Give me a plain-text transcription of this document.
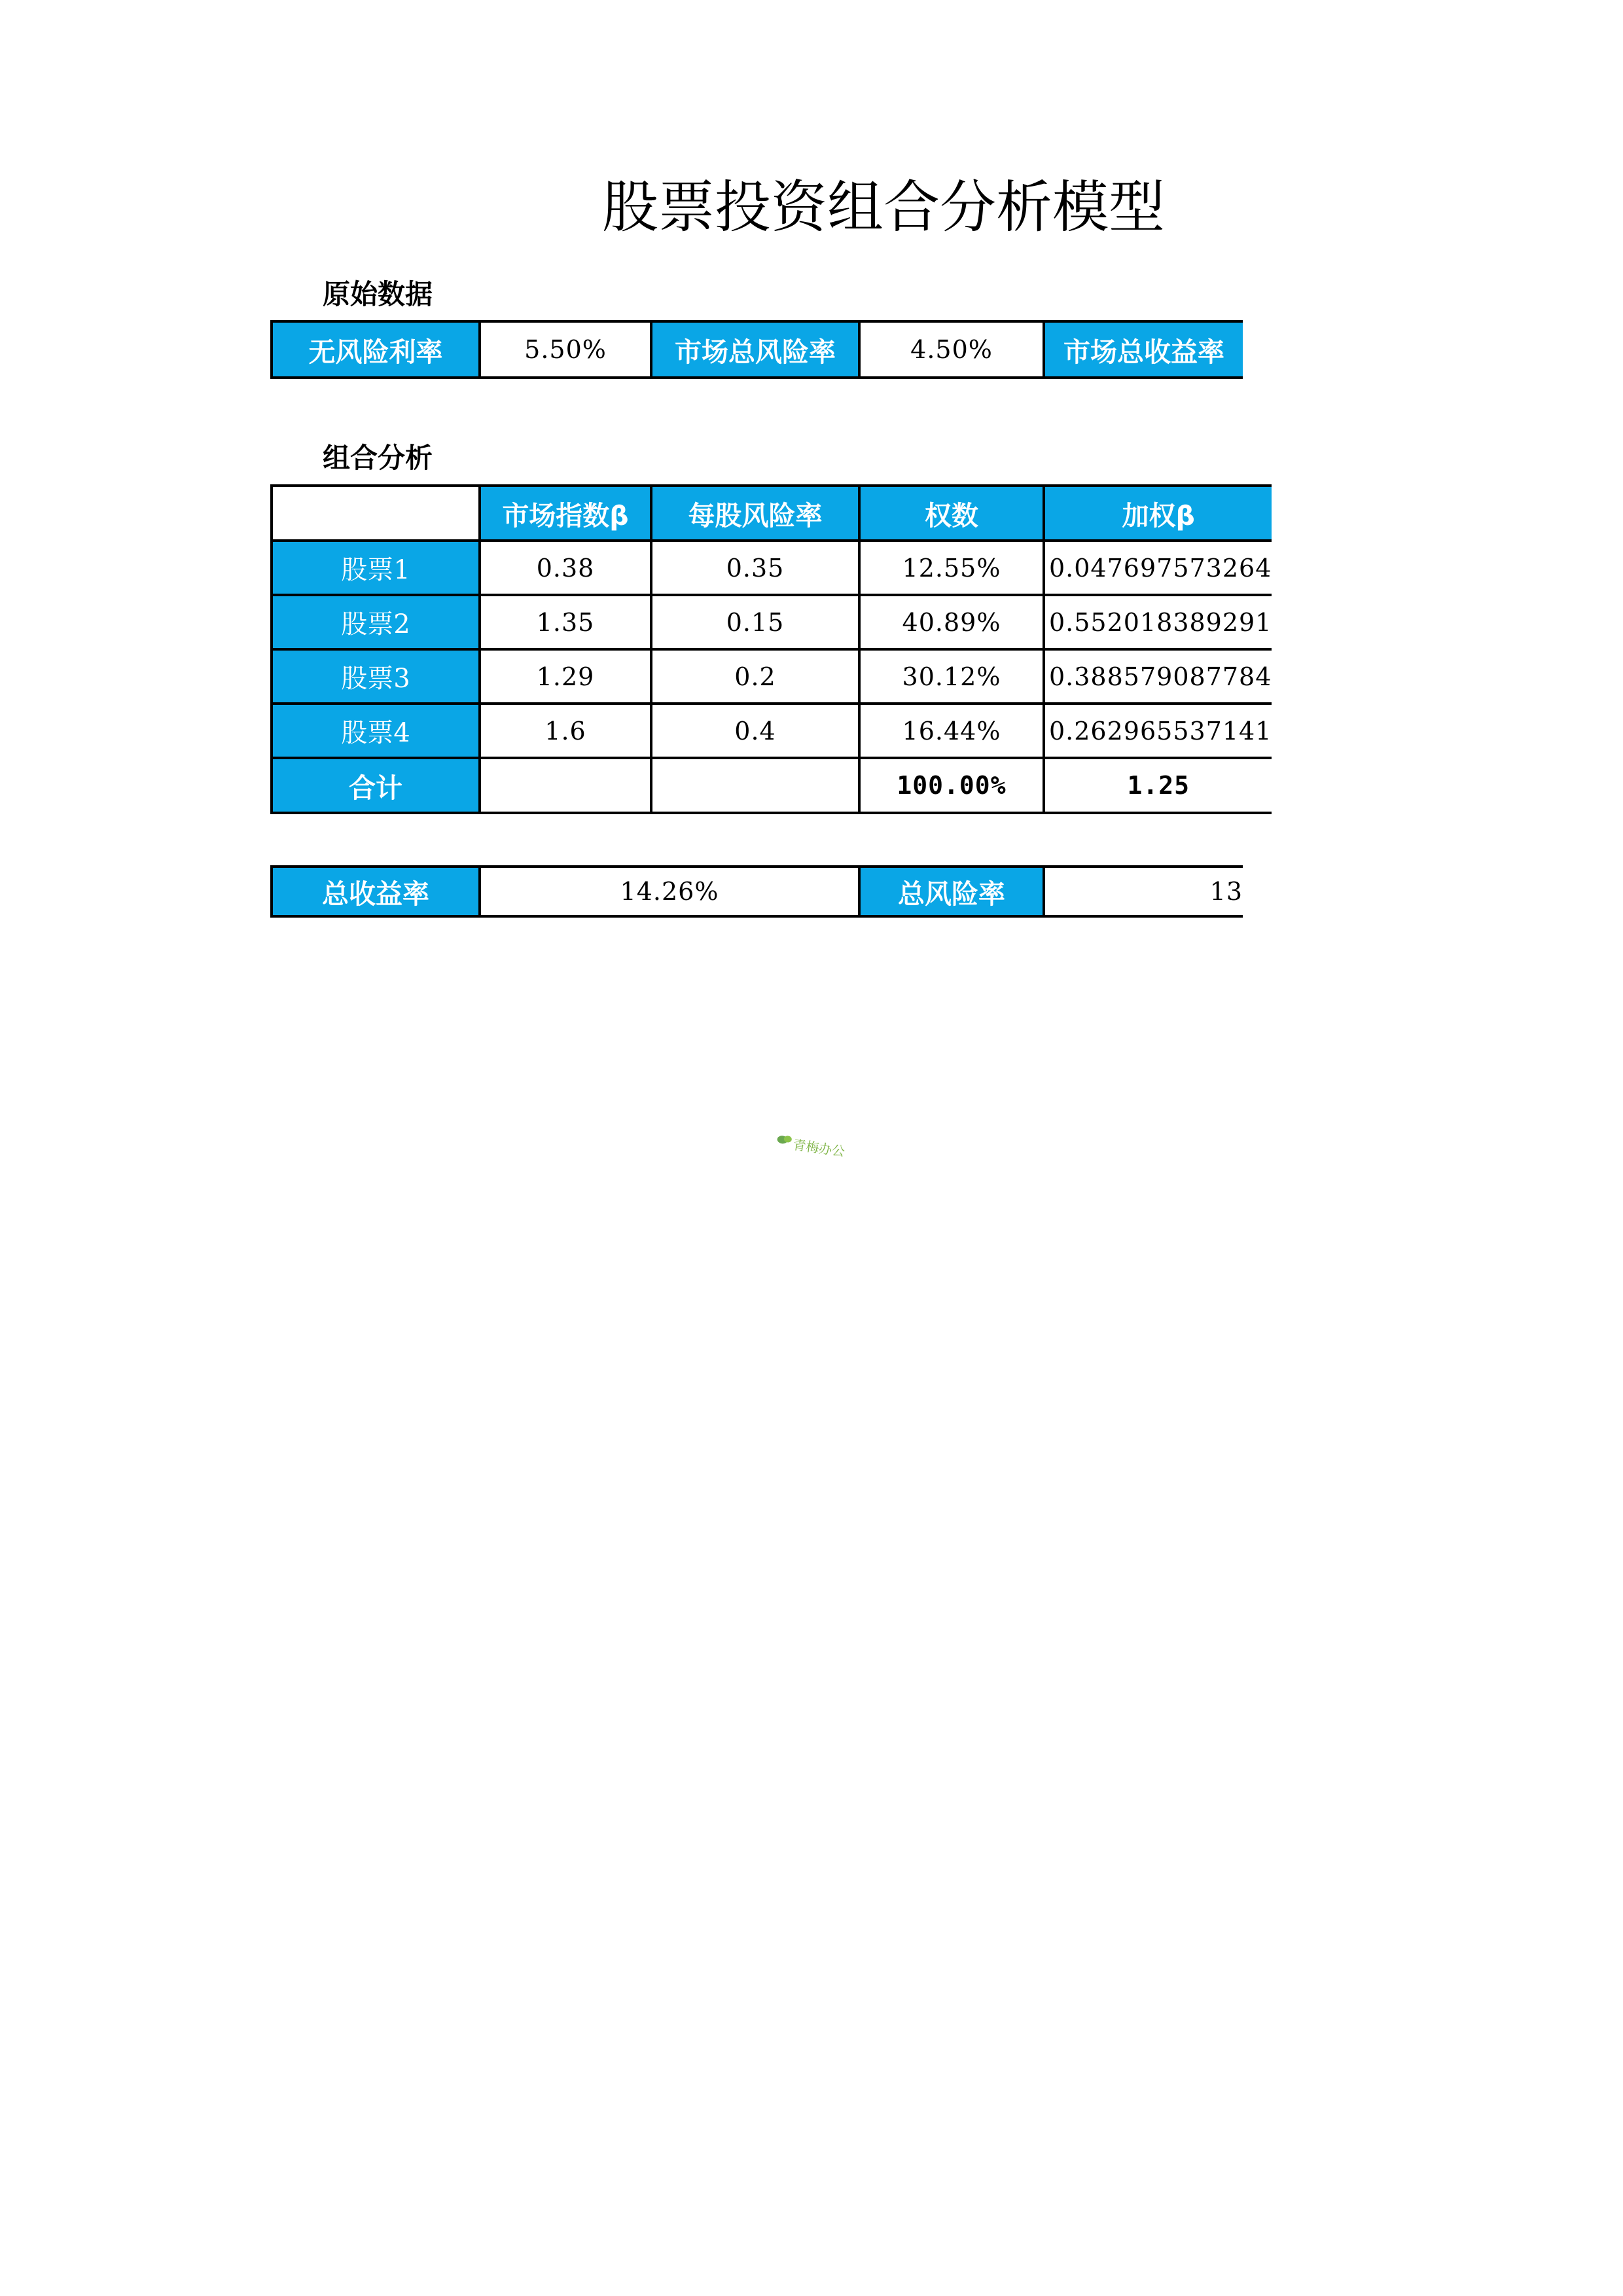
股票投资组合分析模型
原始数据
无风险利率	5.50%	市场总风险率	4.50%	市场总收益率
组合分析
	市场指数β	每股风险率	权数	加权β
股票1	0.38	0.35	12.55%	0.047697573264
股票2	1.35	0.15	40.89%	0.552018389291
股票3	1.29	0.2	30.12%	0.388579087784
股票4	1.6	0.4	16.44%	0.262965537141
合计			100.00%	1.25
总收益率	14.26%	总风险率	13
青梅办公
